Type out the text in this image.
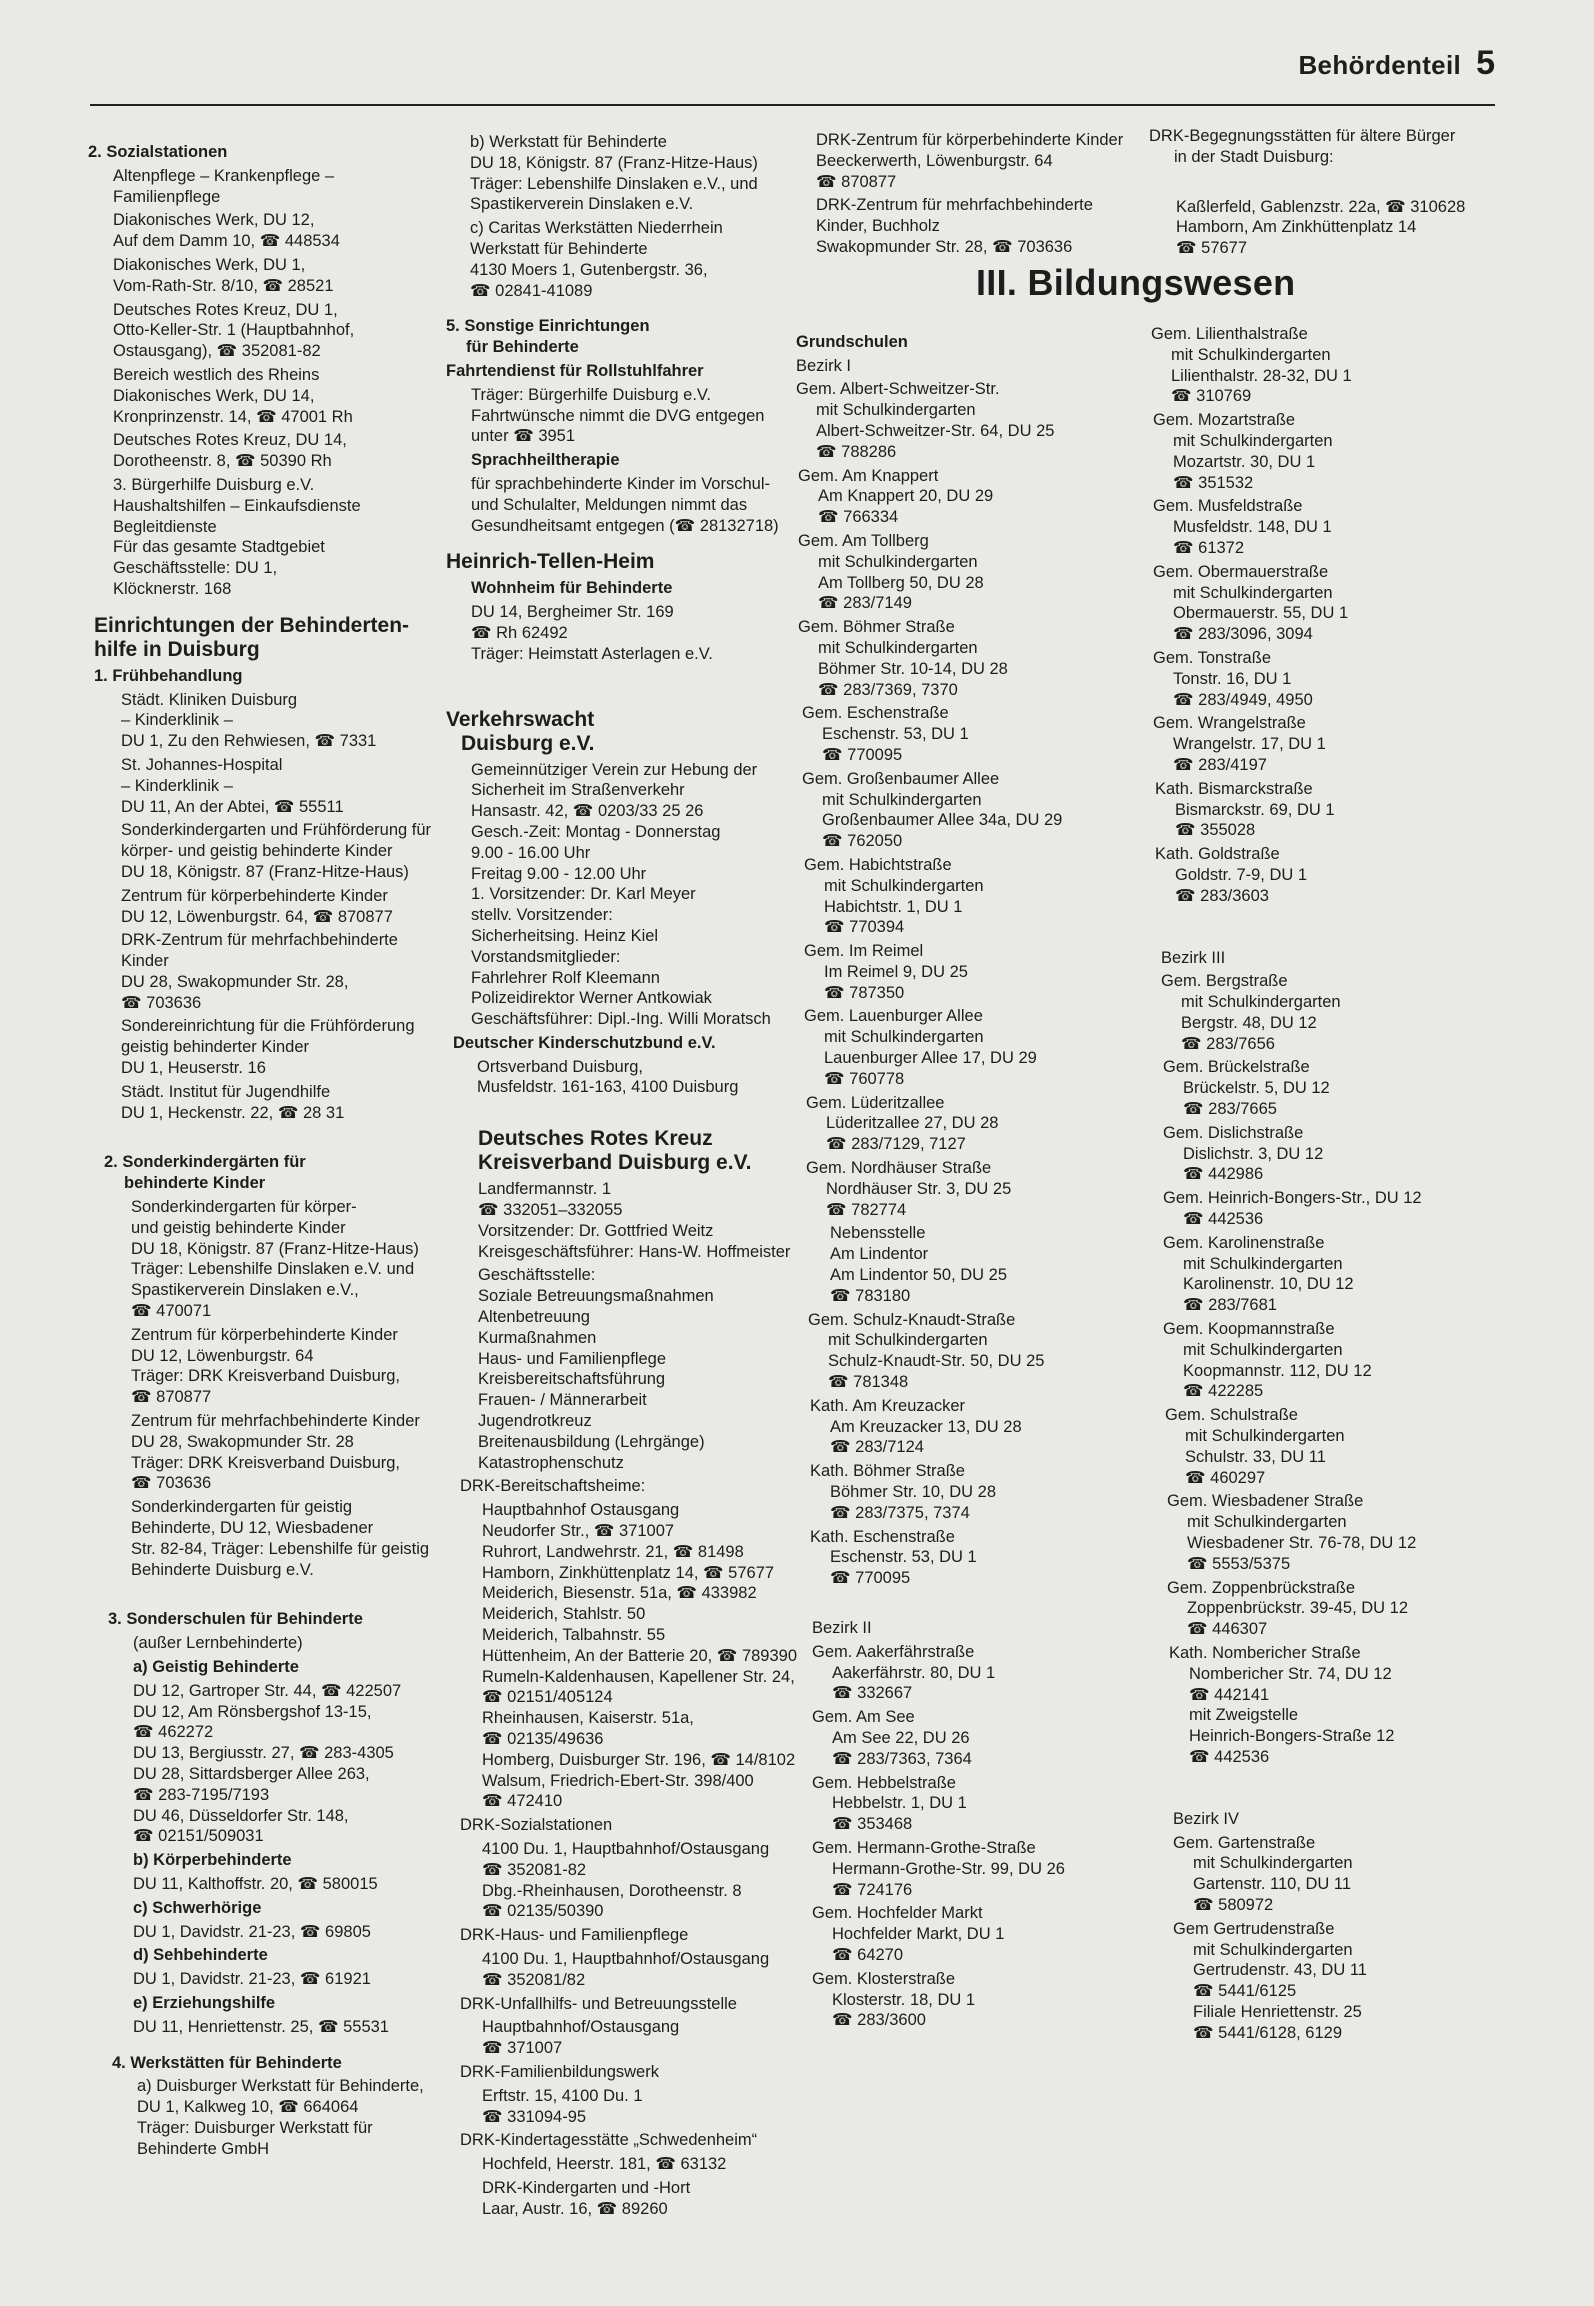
Behördenteil 5
2. Sozialstationen
Altenpflege – Krankenpflege –
Familienpflege
Diakonisches Werk, DU 12,
Auf dem Damm 10, ☎ 448534
Diakonisches Werk, DU 1,
Vom-Rath-Str. 8/10, ☎ 28521
Deutsches Rotes Kreuz, DU 1,
Otto-Keller-Str. 1 (Hauptbahnhof,
Ostausgang), ☎ 352081-82
Bereich westlich des Rheins
Diakonisches Werk, DU 14,
Kronprinzenstr. 14, ☎ 47001 Rh
Deutsches Rotes Kreuz, DU 14,
Dorotheenstr. 8, ☎ 50390 Rh
3. Bürgerhilfe Duisburg e.V.
Haushaltshilfen – Einkaufsdienste
Begleitdienste
Für das gesamte Stadtgebiet
Geschäftsstelle: DU 1,
Klöcknerstr. 168
Einrichtungen der Behinderten-
hilfe in Duisburg
1. Frühbehandlung
Städt. Kliniken Duisburg
– Kinderklinik –
DU 1, Zu den Rehwiesen, ☎ 7331
St. Johannes-Hospital
– Kinderklinik –
DU 11, An der Abtei, ☎ 55511
Sonderkindergarten und Frühförderung für
körper- und geistig behinderte Kinder
DU 18, Königstr. 87 (Franz-Hitze-Haus)
Zentrum für körperbehinderte Kinder
DU 12, Löwenburgstr. 64, ☎ 870877
DRK-Zentrum für mehrfachbehinderte
Kinder
DU 28, Swakopmunder Str. 28,
☎ 703636
Sondereinrichtung für die Frühförderung
geistig behinderter Kinder
DU 1, Heuserstr. 16
Städt. Institut für Jugendhilfe
DU 1, Heckenstr. 22, ☎ 28 31
2. Sonderkindergärten für
behinderte Kinder
Sonderkindergarten für körper-
und geistig behinderte Kinder
DU 18, Königstr. 87 (Franz-Hitze-Haus)
Träger: Lebenshilfe Dinslaken e.V. und
Spastikerverein Dinslaken e.V.,
☎ 470071
Zentrum für körperbehinderte Kinder
DU 12, Löwenburgstr. 64
Träger: DRK Kreisverband Duisburg,
☎ 870877
Zentrum für mehrfachbehinderte Kinder
DU 28, Swakopmunder Str. 28
Träger: DRK Kreisverband Duisburg,
☎ 703636
Sonderkindergarten für geistig
Behinderte, DU 12, Wiesbadener
Str. 82-84, Träger: Lebenshilfe für geistig
Behinderte Duisburg e.V.
3. Sonderschulen für Behinderte
(außer Lernbehinderte)
a) Geistig Behinderte
DU 12, Gartroper Str. 44, ☎ 422507
DU 12, Am Rönsbergshof 13-15,
☎ 462272
DU 13, Bergiusstr. 27, ☎ 283-4305
DU 28, Sittardsberger Allee 263,
☎ 283-7195/7193
DU 46, Düsseldorfer Str. 148,
☎ 02151/509031
b) Körperbehinderte
DU 11, Kalthoffstr. 20, ☎ 580015
c) Schwerhörige
DU 1, Davidstr. 21-23, ☎ 69805
d) Sehbehinderte
DU 1, Davidstr. 21-23, ☎ 61921
e) Erziehungshilfe
DU 11, Henriettenstr. 25, ☎ 55531
4. Werkstätten für Behinderte
a) Duisburger Werkstatt für Behinderte,
DU 1, Kalkweg 10, ☎ 664064
Träger: Duisburger Werkstatt für
Behinderte GmbH
b) Werkstatt für Behinderte
DU 18, Königstr. 87 (Franz-Hitze-Haus)
Träger: Lebenshilfe Dinslaken e.V., und
Spastikerverein Dinslaken e.V.
c) Caritas Werkstätten Niederrhein
Werkstatt für Behinderte
4130 Moers 1, Gutenbergstr. 36,
☎ 02841-41089
5. Sonstige Einrichtungen
für Behinderte
Fahrtendienst für Rollstuhlfahrer
Träger: Bürgerhilfe Duisburg e.V.
Fahrtwünsche nimmt die DVG entgegen
unter ☎ 3951
Sprachheiltherapie
für sprachbehinderte Kinder im Vorschul-
und Schulalter, Meldungen nimmt das
Gesundheitsamt entgegen (☎ 28132718)
Heinrich-Tellen-Heim
Wohnheim für Behinderte
DU 14, Bergheimer Str. 169
☎ Rh 62492
Träger: Heimstatt Asterlagen e.V.
Verkehrswacht
Duisburg e.V.
Gemeinnütziger Verein zur Hebung der
Sicherheit im Straßenverkehr
Hansastr. 42, ☎ 0203/33 25 26
Gesch.-Zeit: Montag - Donnerstag
9.00 - 16.00 Uhr
Freitag 9.00 - 12.00 Uhr
1. Vorsitzender: Dr. Karl Meyer
stellv. Vorsitzender:
Sicherheitsing. Heinz Kiel
Vorstandsmitglieder:
Fahrlehrer Rolf Kleemann
Polizeidirektor Werner Antkowiak
Geschäftsführer: Dipl.-Ing. Willi Moratsch
Deutscher Kinderschutzbund e.V.
Ortsverband Duisburg,
Musfeldstr. 161-163, 4100 Duisburg
Deutsches Rotes Kreuz
Kreisverband Duisburg e.V.
Landfermannstr. 1
☎ 332051–332055
Vorsitzender: Dr. Gottfried Weitz
Kreisgeschäftsführer: Hans-W. Hoffmeister
Geschäftsstelle:
Soziale Betreuungsmaßnahmen
Altenbetreuung
Kurmaßnahmen
Haus- und Familienpflege
Kreisbereitschaftsführung
Frauen- / Männerarbeit
Jugendrotkreuz
Breitenausbildung (Lehrgänge)
Katastrophenschutz
DRK-Bereitschaftsheime:
Hauptbahnhof Ostausgang
Neudorfer Str., ☎ 371007
Ruhrort, Landwehrstr. 21, ☎ 81498
Hamborn, Zinkhüttenplatz 14, ☎ 57677
Meiderich, Biesenstr. 51a, ☎ 433982
Meiderich, Stahlstr. 50
Meiderich, Talbahnstr. 55
Hüttenheim, An der Batterie 20, ☎ 789390
Rumeln-Kaldenhausen, Kapellener Str. 24,
☎ 02151/405124
Rheinhausen, Kaiserstr. 51a,
☎ 02135/49636
Homberg, Duisburger Str. 196, ☎ 14/8102
Walsum, Friedrich-Ebert-Str. 398/400
☎ 472410
DRK-Sozialstationen
4100 Du. 1, Hauptbahnhof/Ostausgang
☎ 352081-82
Dbg.-Rheinhausen, Dorotheenstr. 8
☎ 02135/50390
DRK-Haus- und Familienpflege
4100 Du. 1, Hauptbahnhof/Ostausgang
☎ 352081/82
DRK-Unfallhilfs- und Betreuungsstelle
Hauptbahnhof/Ostausgang
☎ 371007
DRK-Familienbildungswerk
Erftstr. 15, 4100 Du. 1
☎ 331094-95
DRK-Kindertagesstätte „Schwedenheim“
Hochfeld, Heerstr. 181, ☎ 63132
DRK-Kindergarten und -Hort
Laar, Austr. 16, ☎ 89260
DRK-Zentrum für körperbehinderte Kinder
Beeckerwerth, Löwenburgstr. 64
☎ 870877
DRK-Zentrum für mehrfachbehinderte
Kinder, Buchholz
Swakopmunder Str. 28, ☎ 703636
III. Bildungswesen
Grundschulen
Bezirk I
Gem. Albert-Schweitzer-Str.
mit Schulkindergarten
Albert-Schweitzer-Str. 64, DU 25
☎ 788286
Gem. Am Knappert
Am Knappert 20, DU 29
☎ 766334
Gem. Am Tollberg
mit Schulkindergarten
Am Tollberg 50, DU 28
☎ 283/7149
Gem. Böhmer Straße
mit Schulkindergarten
Böhmer Str. 10-14, DU 28
☎ 283/7369, 7370
Gem. Eschenstraße
Eschenstr. 53, DU 1
☎ 770095
Gem. Großenbaumer Allee
mit Schulkindergarten
Großenbaumer Allee 34a, DU 29
☎ 762050
Gem. Habichtstraße
mit Schulkindergarten
Habichtstr. 1, DU 1
☎ 770394
Gem. Im Reimel
Im Reimel 9, DU 25
☎ 787350
Gem. Lauenburger Allee
mit Schulkindergarten
Lauenburger Allee 17, DU 29
☎ 760778
Gem. Lüderitzallee
Lüderitzallee 27, DU 28
☎ 283/7129, 7127
Gem. Nordhäuser Straße
Nordhäuser Str. 3, DU 25
☎ 782774
Nebensstelle
Am Lindentor
Am Lindentor 50, DU 25
☎ 783180
Gem. Schulz-Knaudt-Straße
mit Schulkindergarten
Schulz-Knaudt-Str. 50, DU 25
☎ 781348
Kath. Am Kreuzacker
Am Kreuzacker 13, DU 28
☎ 283/7124
Kath. Böhmer Straße
Böhmer Str. 10, DU 28
☎ 283/7375, 7374
Kath. Eschenstraße
Eschenstr. 53, DU 1
☎ 770095
Bezirk II
Gem. Aakerfährstraße
Aakerfährstr. 80, DU 1
☎ 332667
Gem. Am See
Am See 22, DU 26
☎ 283/7363, 7364
Gem. Hebbelstraße
Hebbelstr. 1, DU 1
☎ 353468
Gem. Hermann-Grothe-Straße
Hermann-Grothe-Str. 99, DU 26
☎ 724176
Gem. Hochfelder Markt
Hochfelder Markt, DU 1
☎ 64270
Gem. Klosterstraße
Klosterstr. 18, DU 1
☎ 283/3600
DRK-Begegnungsstätten für ältere Bürger
in der Stadt Duisburg:
Kaßlerfeld, Gablenzstr. 22a, ☎ 310628
Hamborn, Am Zinkhüttenplatz 14
☎ 57677
Gem. Lilienthalstraße
mit Schulkindergarten
Lilienthalstr. 28-32, DU 1
☎ 310769
Gem. Mozartstraße
mit Schulkindergarten
Mozartstr. 30, DU 1
☎ 351532
Gem. Musfeldstraße
Musfeldstr. 148, DU 1
☎ 61372
Gem. Obermauerstraße
mit Schulkindergarten
Obermauerstr. 55, DU 1
☎ 283/3096, 3094
Gem. Tonstraße
Tonstr. 16, DU 1
☎ 283/4949, 4950
Gem. Wrangelstraße
Wrangelstr. 17, DU 1
☎ 283/4197
Kath. Bismarckstraße
Bismarckstr. 69, DU 1
☎ 355028
Kath. Goldstraße
Goldstr. 7-9, DU 1
☎ 283/3603
Bezirk III
Gem. Bergstraße
mit Schulkindergarten
Bergstr. 48, DU 12
☎ 283/7656
Gem. Brückelstraße
Brückelstr. 5, DU 12
☎ 283/7665
Gem. Dislichstraße
Dislichstr. 3, DU 12
☎ 442986
Gem. Heinrich-Bongers-Str., DU 12
☎ 442536
Gem. Karolinenstraße
mit Schulkindergarten
Karolinenstr. 10, DU 12
☎ 283/7681
Gem. Koopmannstraße
mit Schulkindergarten
Koopmannstr. 112, DU 12
☎ 422285
Gem. Schulstraße
mit Schulkindergarten
Schulstr. 33, DU 11
☎ 460297
Gem. Wiesbadener Straße
mit Schulkindergarten
Wiesbadener Str. 76-78, DU 12
☎ 5553/5375
Gem. Zoppenbrückstraße
Zoppenbrückstr. 39-45, DU 12
☎ 446307
Kath. Nombericher Straße
Nombericher Str. 74, DU 12
☎ 442141
mit Zweigstelle
Heinrich-Bongers-Straße 12
☎ 442536
Bezirk IV
Gem. Gartenstraße
mit Schulkindergarten
Gartenstr. 110, DU 11
☎ 580972
Gem Gertrudenstraße
mit Schulkindergarten
Gertrudenstr. 43, DU 11
☎ 5441/6125
Filiale Henriettenstr. 25
☎ 5441/6128, 6129
